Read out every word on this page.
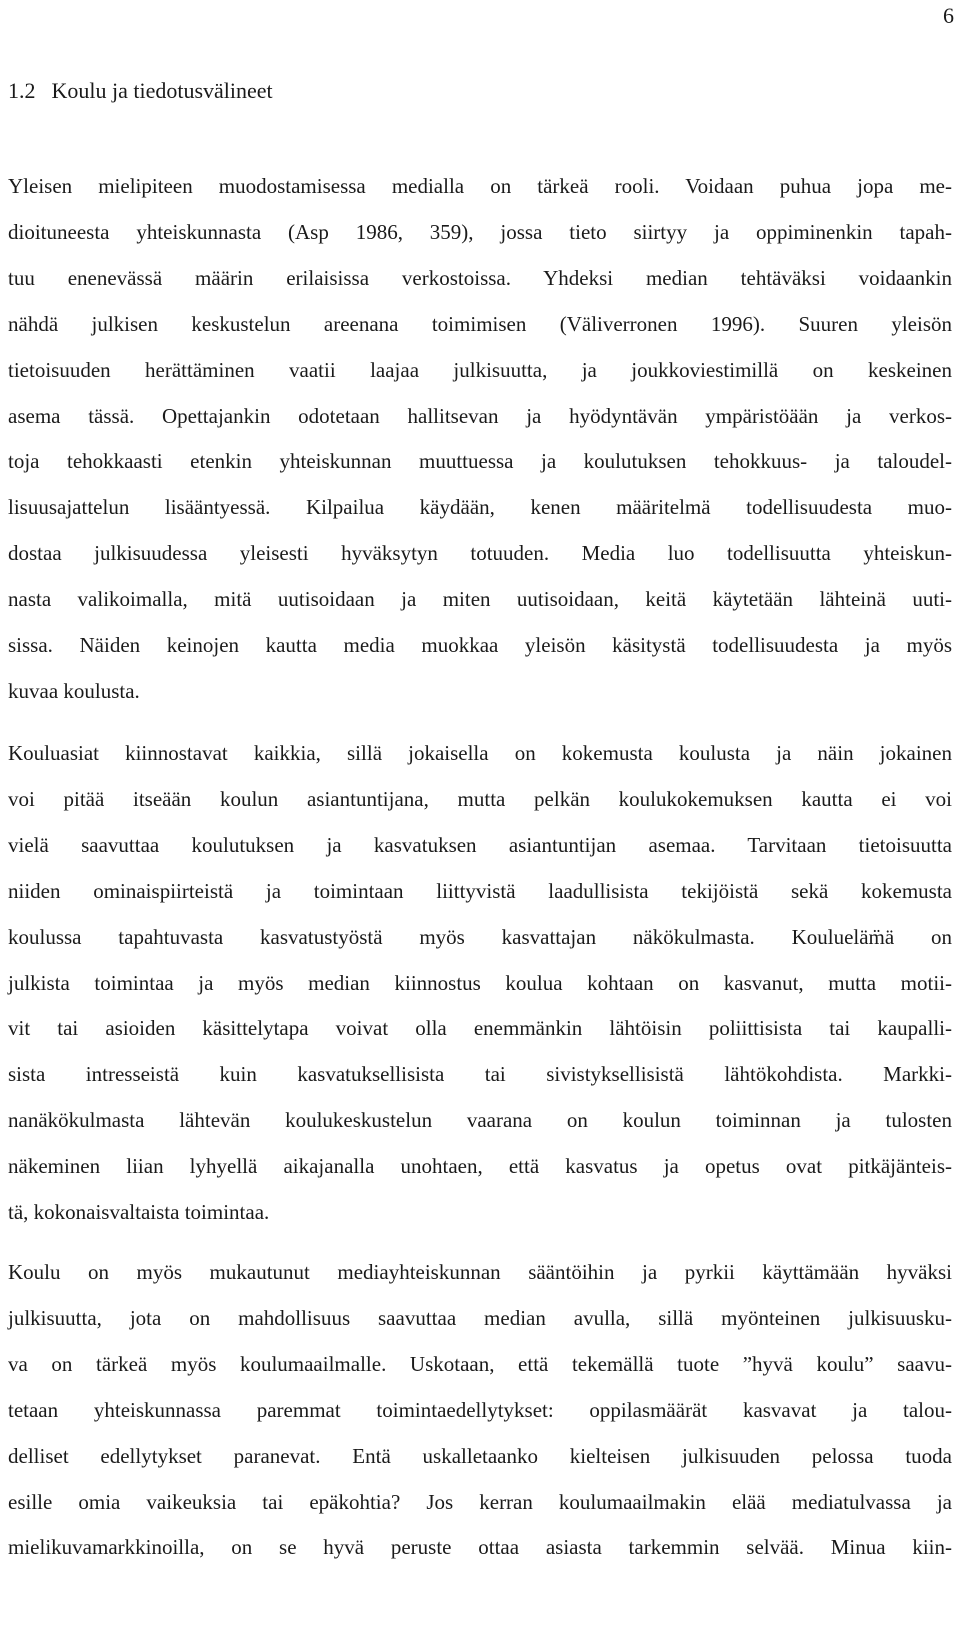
6
1.2 Koulu ja tiedotusvälineet

Yleisen mielipiteen muodostamisessa medialla on tärkeä rooli. Voidaan puhua jopa me-
dioituneesta yhteiskunnasta (Asp 1986, 359), jossa tieto siirtyy ja oppiminenkin tapah-
tuu enenevässä määrin erilaisissa verkostoissa. Yhdeksi median tehtäväksi voidaankin
nähdä julkisen keskustelun areenana toimimisen (Väliverronen 1996). Suuren yleisön
tietoisuuden herättäminen vaatii laajaa julkisuutta, ja joukkoviestimillä on keskeinen
asema tässä. Opettajankin odotetaan hallitsevan ja hyödyntävän ympäristöään ja verkos-
toja tehokkaasti etenkin yhteiskunnan muuttuessa ja koulutuksen tehokkuus- ja taloudel-
lisuusajattelun lisääntyessä. Kilpailua käydään, kenen määritelmä todellisuudesta muo-
dostaa julkisuudessa yleisesti hyväksytyn totuuden. Media luo todellisuutta yhteiskun-
nasta valikoimalla, mitä uutisoidaan ja miten uutisoidaan, keitä käytetään lähteinä uuti-
sissa. Näiden keinojen kautta media muokkaa yleisön käsitystä todellisuudesta ja myös
kuvaa koulusta.

Kouluasiat kiinnostavat kaikkia, sillä jokaisella on kokemusta koulusta ja näin jokainen
voi pitää itseään koulun asiantuntijana, mutta pelkän koulukokemuksen kautta ei voi
vielä saavuttaa koulutuksen ja kasvatuksen asiantuntijan asemaa. Tarvitaan tietoisuutta
niiden ominaispiirteistä ja toimintaan liittyvistä laadullisista tekijöistä sekä kokemusta
koulussa tapahtuvasta kasvatustyöstä myös kasvattajan näkökulmasta. Koulueläm̈ä on
julkista toimintaa ja myös median kiinnostus koulua kohtaan on kasvanut, mutta motii-
vit tai asioiden käsittelytapa voivat olla enemmänkin lähtöisin poliittisista tai kaupalli-
sista intresseistä kuin kasvatuksellisista tai sivistyksellisistä lähtökohdista. Markki-
nanäkökulmasta lähtevän koulukeskustelun vaarana on koulun toiminnan ja tulosten
näkeminen liian lyhyellä aikajanalla unohtaen, että kasvatus ja opetus ovat pitkäjänteis-
tä, kokonaisvaltaista toimintaa.

Koulu on myös mukautunut mediayhteiskunnan sääntöihin ja pyrkii käyttämään hyväksi
julkisuutta, jota on mahdollisuus saavuttaa median avulla, sillä myönteinen julkisuusku-
va on tärkeä myös koulumaailmalle. Uskotaan, että tekemällä tuote ”hyvä koulu” saavu-
tetaan yhteiskunnassa paremmat toimintaedellytykset: oppilasmäärät kasvavat ja talou-
delliset edellytykset paranevat. Entä uskalletaanko kielteisen julkisuuden pelossa tuoda
esille omia vaikeuksia tai epäkohtia? Jos kerran koulumaailmakin elää mediatulvassa ja
mielikuvamarkkinoilla, on se hyvä peruste ottaa asiasta tarkemmin selvää. Minua kiin-
